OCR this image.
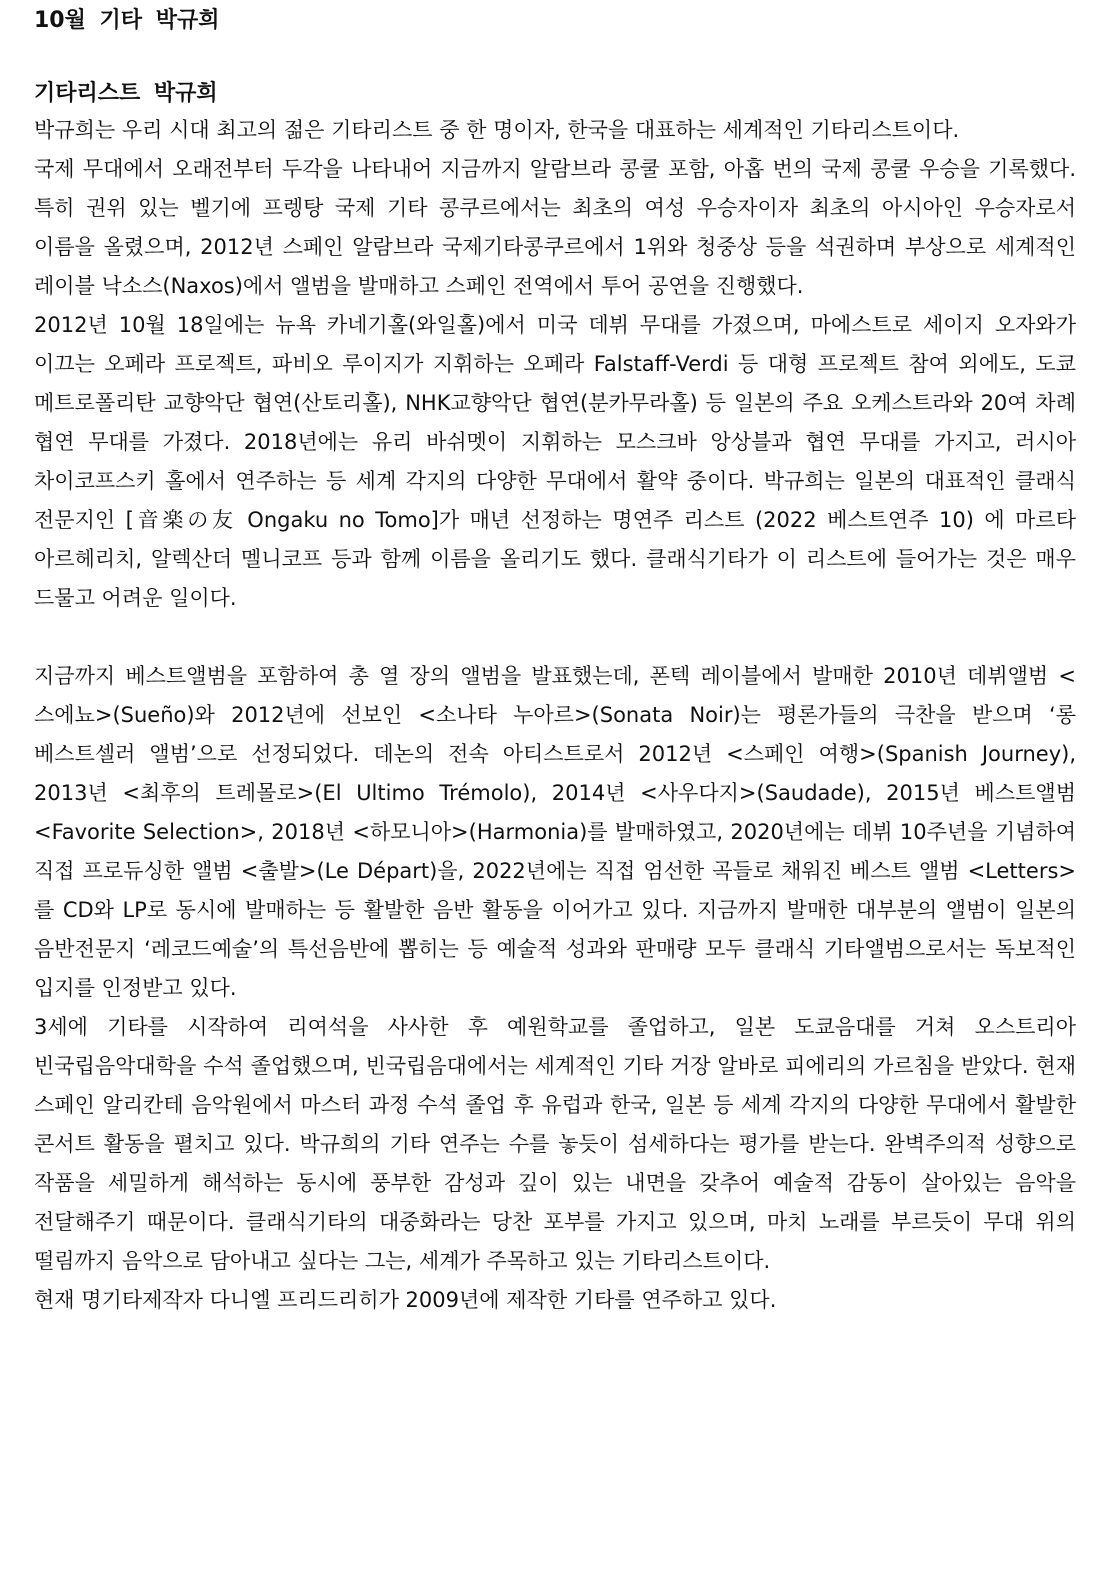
10월 기타 박규희
기타리스트 박규희

박규희는 우리 시대 최고의 젊은 기타리스트 중 한 명이자, 한국을 대표하는 세계적인 기타리스트이다.

국제 무대에서 오래전부터 두각을 나타내어 지금까지 알람브라 콩쿨 포함, 아홉 번의 국제 콩쿨 우승을 기록했다. 특히 권위 있는 벨기에 프렝탕 국제 기타 콩쿠르에서는 최초의 여성 우승자이자 최초의 아시아인 우승자로서 이름을 올렸으며, 2012년 스페인 알람브라 국제기타콩쿠르에서 1위와 청중상 등을 석권하며 부상으로 세계적인 레이블 낙소스(Naxos)에서 앨범을 발매하고 스페인 전역에서 투어 공연을 진행했다.

2012년 10월 18일에는 뉴욕 카네기홀(와일홀)에서 미국 데뷔 무대를 가졌으며, 마에스트로 세이지 오자와가 이끄는 오페라 프로젝트, 파비오 루이지가 지휘하는 오페라 Falstaff-Verdi 등 대형 프로젝트 참여 외에도, 도쿄 메트로폴리탄 교향악단 협연(산토리홀), NHK교향악단 협연(분카무라홀) 등 일본의 주요 오케스트라와 20여 차례 협연 무대를 가졌다. 2018년에는 유리 바쉬멧이 지휘하는 모스크바 앙상블과 협연 무대를 가지고, 러시아 차이코프스키 홀에서 연주하는 등 세계 각지의 다양한 무대에서 활약 중이다. 박규희는 일본의 대표적인 클래식 전문지인 [音楽の友 Ongaku no Tomo]가 매년 선정하는 명연주 리스트 (2022 베스트연주 10) 에 마르타 아르헤리치, 알렉산더 멜니코프 등과 함께 이름을 올리기도 했다. 클래식기타가 이 리스트에 들어가는 것은 매우 드물고 어려운 일이다.

지금까지 베스트앨범을 포함하여 총 열 장의 앨범을 발표했는데, 폰텍 레이블에서 발매한 2010년 데뷔앨범 <스에뇨>(Sueño)와 2012년에 선보인 <소나타 누아르>(Sonata Noir)는 평론가들의 극찬을 받으며 ‘롱 베스트셀러 앨범’으로 선정되었다. 데논의 전속 아티스트로서 2012년 <스페인 여행>(Spanish Journey), 2013년 <최후의 트레몰로>(El Ultimo Trémolo), 2014년 <사우다지>(Saudade), 2015년 베스트앨범 <Favorite Selection>, 2018년 <하모니아>(Harmonia)를 발매하였고, 2020년에는 데뷔 10주년을 기념하여 직접 프로듀싱한 앨범 <출발>(Le Départ)을, 2022년에는 직접 엄선한 곡들로 채워진 베스트 앨범 <Letters>를 CD와 LP로 동시에 발매하는 등 활발한 음반 활동을 이어가고 있다. 지금까지 발매한 대부분의 앨범이 일본의 음반전문지 ‘레코드예술’의 특선음반에 뽑히는 등 예술적 성과와 판매량 모두 클래식 기타앨범으로서는 독보적인 입지를 인정받고 있다.

3세에 기타를 시작하여 리여석을 사사한 후 예원학교를 졸업하고, 일본 도쿄음대를 거쳐 오스트리아 빈국립음악대학을 수석 졸업했으며, 빈국립음대에서는 세계적인 기타 거장 알바로 피에리의 가르침을 받았다. 현재 스페인 알리칸테 음악원에서 마스터 과정 수석 졸업 후 유럽과 한국, 일본 등 세계 각지의 다양한 무대에서 활발한 콘서트 활동을 펼치고 있다. 박규희의 기타 연주는 수를 놓듯이 섬세하다는 평가를 받는다. 완벽주의적 성향으로 작품을 세밀하게 해석하는 동시에 풍부한 감성과 깊이 있는 내면을 갖추어 예술적 감동이 살아있는 음악을 전달해주기 때문이다. 클래식기타의 대중화라는 당찬 포부를 가지고 있으며, 마치 노래를 부르듯이 무대 위의 떨림까지 음악으로 담아내고 싶다는 그는, 세계가 주목하고 있는 기타리스트이다.

현재 명기타제작자 다니엘 프리드리히가 2009년에 제작한 기타를 연주하고 있다.
